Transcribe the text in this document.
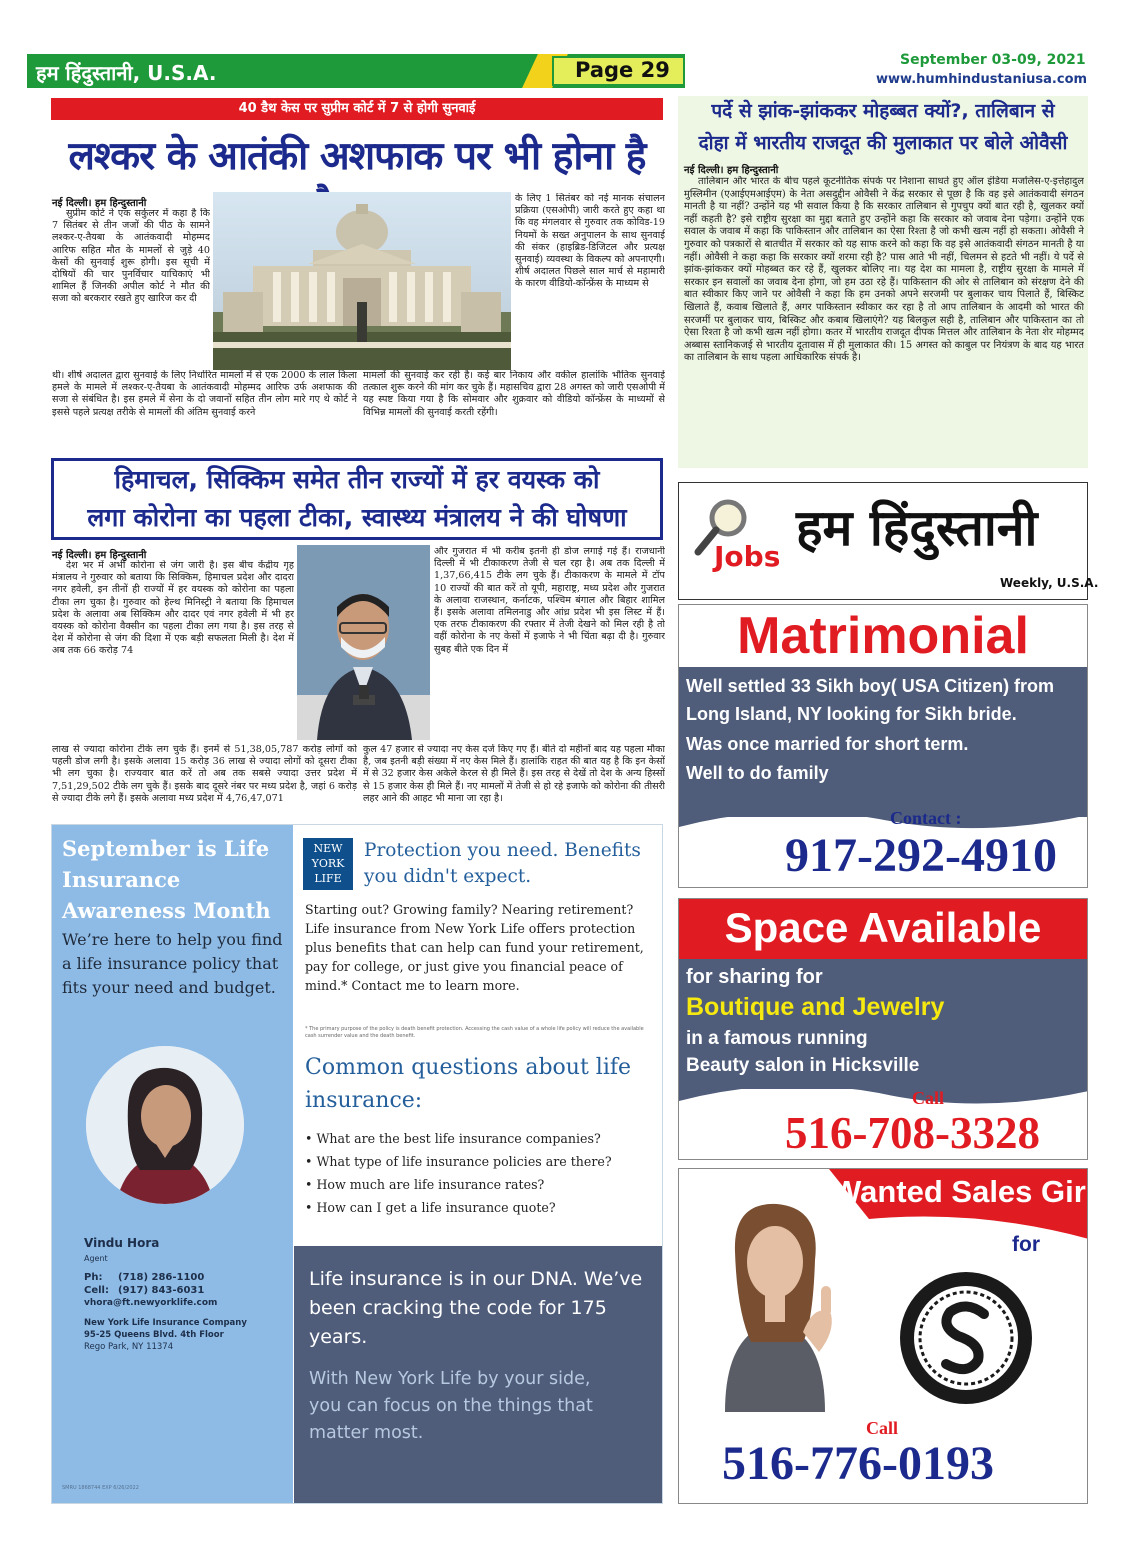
हम हिंदुस्तानी, U.S.A.	Page 29	September 03-09, 2021
www.humhindustaniusa.com
40 डैथ केस पर सुप्रीम कोर्ट में 7 से होगी सुनवाई
लश्कर के आतंकी अशफाक पर भी होना है
नई दिल्ली। हम हिन्दुस्तानी
सुप्रीम कोर्ट ने एक सर्कुलर में कहा है कि 7 सितंबर से तीन जजों की पीठ के सामने लश्कर-ए-तैयबा के आतंकवादी मोहम्मद आरिफ सहित मौत के मामलों से जुड़े 40 केसों की सुनवाई शुरू होगी। इस सूची में दोषियों की चार पुनर्विचार याचिकाएं भी शामिल हैं जिनकी अपील कोर्ट ने मौत की सजा को बरकरार रखते हुए खारिज कर दी
के लिए 1 सितंबर को नई मानक संचालन प्रक्रिया (एसओपी) जारी करते हुए कहा था कि वह मंगलवार से गुरुवार तक कोविड-19 नियमों के सख्त अनुपालन के साथ सुनवाई की संकर (हाइब्रिड-डिजिटल और प्रत्यक्ष सुनवाई) व्यवस्था के विकल्प को अपनाएगी। शीर्ष अदालत पिछले साल मार्च से महामारी के कारण वीडियो-कॉन्फ्रेंस के माध्यम से
थी। शीर्ष अदालत द्वारा सुनवाई के लिए निर्धारित मामलों में से एक 2000 के लाल किला हमले के मामले में लश्कर-ए-तैयबा के आतंकवादी मोहम्मद आरिफ उर्फ अशफाक की सजा से संबंधित है। इस हमले में सेना के दो जवानों सहित तीन लोग मारे गए थे कोर्ट ने इससे पहले प्रत्यक्ष तरीके से मामलों की अंतिम सुनवाई करने
मामलों की सुनवाई कर रही है। कई बार निकाय और वकील हालांकि भौतिक सुनवाई तत्काल शुरू करने की मांग कर चुके हैं। महासचिव द्वारा 28 अगस्त को जारी एसओपी में यह स्पष्ट किया गया है कि सोमवार और शुक्रवार को वीडियो कॉन्फ्रेंस के माध्यमों से विभिन्न मामलों की सुनवाई करती रहेंगी।
पर्दे से झांक-झांककर मोहब्बत क्यों?, तालिबान से
दोहा में भारतीय राजदूत की मुलाकात पर बोले ओवैसी
नई दिल्ली। हम हिन्दुस्तानी
तालिबान और भारत के बीच पहले कूटनीतिक संपर्क पर निशाना साधते हुए ऑल इंडिया मजलिस-ए-इत्तेहादुल मुस्लिमीन (एआईएमआईएम) के नेता असदुद्दीन ओवैसी ने केंद्र सरकार से पूछा है कि वह इसे आतंकवादी संगठन मानती है या नहीं? उन्होंने यह भी सवाल किया है कि सरकार तालिबान से गुपचुप क्यों बात रही है, खुलकर क्यों नहीं कहती है? इसे राष्ट्रीय सुरक्षा का मुद्दा बताते हुए उन्होंने कहा कि सरकार को जवाब देना पड़ेगा। उन्होंने एक सवाल के जवाब में कहा कि पाकिस्तान और तालिबान का ऐसा रिश्ता है जो कभी खत्म नहीं हो सकता। ओवैसी ने गुरुवार को पत्रकारों से बातचीत में सरकार को यह साफ करने को कहा कि वह इसे आतंकवादी संगठन मानती है या नहीं। ओवैसी ने कहा कहा कि सरकार क्यों शरमा रही है? पास आते भी नहीं, चिलमन से हटते भी नहीं। ये पर्दे से झांक-झांककर क्यों मोहब्बत कर रहे हैं, खुलकर बोलिए ना। यह देश का मामला है, राष्ट्रीय सुरक्षा के मामले में सरकार इन सवालों का जवाब देना होगा, जो हम उठा रहे हैं। पाकिस्तान की ओर से तालिबान को संरक्षण देने की बात स्वीकार किए जाने पर ओवैसी ने कहा कि हम उनको अपने सरजमी पर बुलाकर चाय पिलाते हैं, बिस्किट खिलाते हैं, कवाब खिलाते हैं, अगर पाकिस्तान स्वीकार कर रहा है तो आप तालिबान के आदमी को भारत की सरजमीं पर बुलाकर चाय, बिस्किट और कबाब खिलाएंगे? यह बिलकुल सही है, तालिबान और पाकिस्तान का तो ऐसा रिश्ता है जो कभी खत्म नहीं होगा। कतर में भारतीय राजदूत दीपक मित्तल और तालिबान के नेता शेर मोहम्मद अब्बास स्तानिकजई से भारतीय दूतावास में ही मुलाकात की। 15 अगस्त को काबुल पर नियंत्रण के बाद यह भारत का तालिबान के साथ पहला आधिकारिक संपर्क है।
हिमाचल, सिक्किम समेत तीन राज्यों में हर वयस्क को
लगा कोरोना का पहला टीका, स्वास्थ्य मंत्रालय ने की घोषणा
नई दिल्ली। हम हिन्दुस्तानी
देश भर में अभी कोरोना से जंग जारी है। इस बीच केंद्रीय गृह मंत्रालय ने गुरुवार को बताया कि सिक्किम, हिमाचल प्रदेश और दादरा नगर हवेली, इन तीनों ही राज्यों में हर वयस्क को कोरोना का पहला टीका लग चुका है। गुरुवार को हेल्थ मिनिस्ट्री ने बताया कि हिमाचल प्रदेश के अलावा अब सिक्किम और दादर एवं नगर हवेली में भी हर वयस्क को कोरोना वैक्सीन का पहला टीका लग गया है। इस तरह से देश में कोरोना से जंग की दिशा में एक बड़ी सफलता मिली है। देश में अब तक 66 करोड़ 74
और गुजरात में भी करीब इतनी ही डोज लगाई गई हैं। राजधानी दिल्ली में भी टीकाकरण तेजी से चल रहा है। अब तक दिल्ली में 1,37,66,415 टीके लग चुके हैं। टीकाकरण के मामले में टॉप 10 राज्यों की बात करें तो यूपी, महाराष्ट्र, मध्य प्रदेश और गुजरात के अलावा राजस्थान, कर्नाटक, पश्चिम बंगाल और बिहार शामिल हैं। इसके अलावा तमिलनाडु और आंध्र प्रदेश भी इस लिस्ट में हैं। एक तरफ टीकाकरण की रफ्तार में तेजी देखने को मिल रही है तो वहीं कोरोना के नए केसों में इजाफे ने भी चिंता बढ़ा दी है। गुरुवार सुबह बीते एक दिन में
लाख से ज्यादा कोरोना टीके लग चुके हैं। इनमें से 51,38,05,787 करोड़ लोगों को पहली डोज लगी है। इसके अलावा 15 करोड़ 36 लाख से ज्यादा लोगों को दूसरा टीका भी लग चुका है। राज्यवार बात करें तो अब तक सबसे ज्यादा उत्तर प्रदेश में 7,51,29,502 टीके लग चुके हैं। इसके बाद दूसरे नंबर पर मध्य प्रदेश है, जहां 6 करोड़ से ज्यादा टीके लगे हैं। इसके अलावा मध्य प्रदेश में 4,76,47,071
कुल 47 हजार से ज्यादा नए केस दर्ज किए गए हैं। बीते दो महीनों बाद यह पहला मौका है, जब इतनी बड़ी संख्या में नए केस मिले हैं। हालांकि राहत की बात यह है कि इन केसों में से 32 हजार केस अकेले केरल से ही मिले हैं। इस तरह से देखें तो देश के अन्य हिस्सों से 15 हजार केस ही मिले हैं। नए मामलों में तेजी से हो रहे इजाफे को कोरोना की तीसरी लहर आने की आहट भी माना जा रहा है।
September is Life Insurance Awareness Month
We’re here to help you find a life insurance policy that fits your need and budget.
Vindu Hora
Agent
Ph: (718) 286-1100
Cell: (917) 843-6031
vhora@ft.newyorklife.com
New York Life Insurance Company
95-25 Queens Blvd. 4th Floor
Rego Park, NY 11374
SMRU 1868744 EXP 6/26/2022
NEW
YORK
LIFE
Protection you need. Benefits you didn't expect.
Starting out? Growing family? Nearing retirement? Life insurance from New York Life offers protection plus benefits that can help can fund your retirement, pay for college, or just give you financial peace of mind.* Contact me to learn more.
* The primary purpose of the policy is death benefit protection. Accessing the cash value of a whole life policy will reduce the available cash surrender value and the death benefit.
Common questions about life insurance:
• What are the best life insurance companies?
• What type of life insurance policies are there?
• How much are life insurance rates?
• How can I get a life insurance quote?
Life insurance is in our DNA. We’ve been cracking the code for 175 years.
With New York Life by your side, you can focus on the things that matter most.
Jobs हम हिंदुस्तानी
Weekly, U.S.A.
Matrimonial
Well settled 33 Sikh boy( USA Citizen) from
Long Island, NY looking for Sikh bride.
Was once married for short term.
Well to do family
Contact :
917-292-4910
Space Available
for sharing for
Boutique and Jewelry
in a famous running
Beauty salon in Hicksville
Call
516-708-3328
Wanted Sales Girls
for
Call
516-776-0193
